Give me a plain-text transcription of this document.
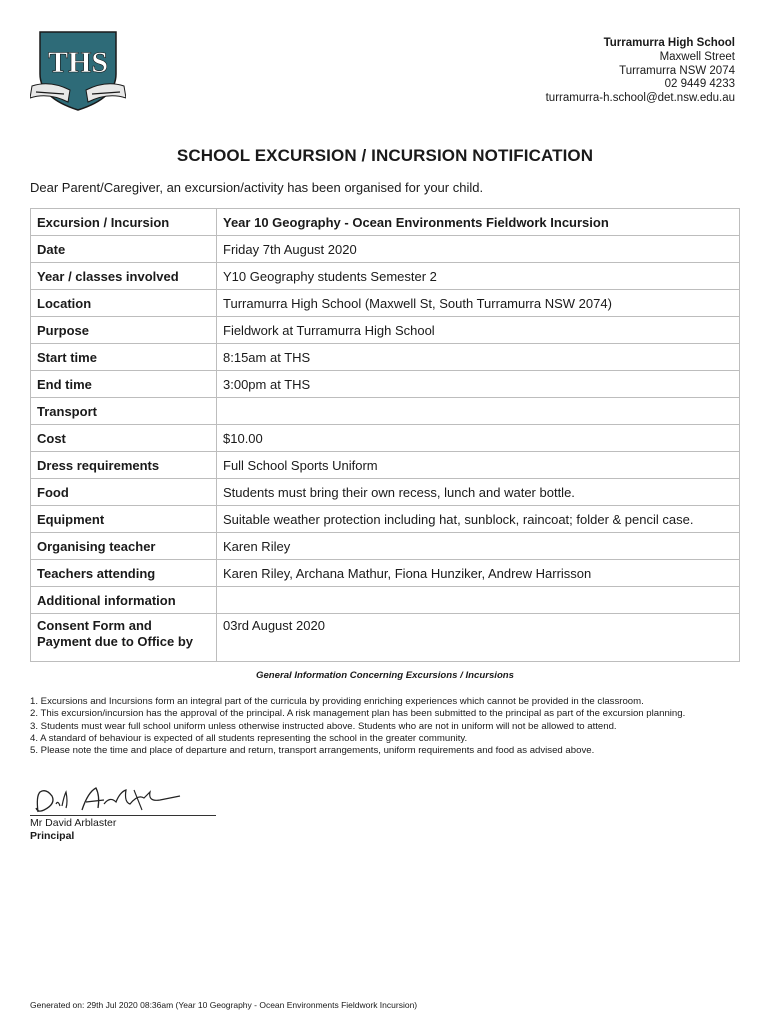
THS
Turramurra High School
Maxwell Street
Turramurra NSW 2074
02 9449 4233
turramurra-h.school@det.nsw.edu.au
SCHOOL EXCURSION / INCURSION NOTIFICATION
Dear Parent/Caregiver, an excursion/activity has been organised for your child.
Excursion / Incursion	Year 10 Geography - Ocean Environments Fieldwork Incursion
Date	Friday 7th August 2020
Year / classes involved	Y10 Geography students Semester 2
Location	Turramurra High School (Maxwell St, South Turramurra NSW 2074)
Purpose	Fieldwork at Turramurra High School
Start time	8:15am at THS
End time	3:00pm at THS
Transport	
Cost	$10.00
Dress requirements	Full School Sports Uniform
Food	Students must bring their own recess, lunch and water bottle.
Equipment	Suitable weather protection including hat, sunblock, raincoat; folder & pencil case.
Organising teacher	Karen Riley
Teachers attending	Karen Riley, Archana Mathur, Fiona Hunziker, Andrew Harrisson
Additional information	

Consent Form and
Payment due to Office by	03rd August 2020
General Information Concerning Excursions / Incursions
1. Excursions and Incursions form an integral part of the curricula by providing enriching experiences which cannot be provided in the classroom.
2. This excursion/incursion has the approval of the principal. A risk management plan has been submitted to the principal as part of the excursion planning.
3. Students must wear full school uniform unless otherwise instructed above. Students who are not in uniform will not be allowed to attend.
4. A standard of behaviour is expected of all students representing the school in the greater community.
5. Please note the time and place of departure and return, transport arrangements, uniform requirements and food as advised above.
Mr David Arblaster
Principal
Generated on: 29th Jul 2020 08:36am (Year 10 Geography - Ocean Environments Fieldwork Incursion)
